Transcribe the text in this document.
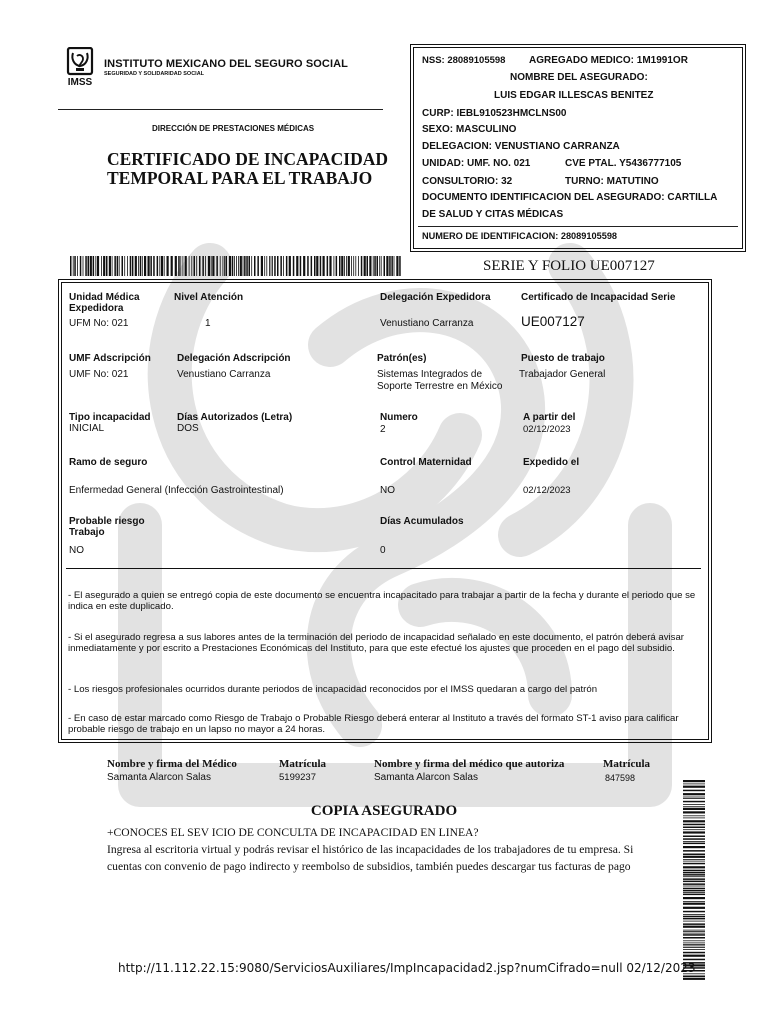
IMSS
INSTITUTO MEXICANO DEL SEGURO SOCIAL
SEGURIDAD Y SOLIDARIDAD SOCIAL
DIRECCIÓN DE PRESTACIONES MÉDICAS
CERTIFICADO DE INCAPACIDAD
TEMPORAL PARA EL TRABAJO
NSS: 28089105598 AGREGADO MEDICO: 1M1991OR
NOMBRE DEL ASEGURADO:
LUIS EDGAR ILLESCAS BENITEZ
CURP: IEBL910523HMCLNS00
SEXO: MASCULINO
DELEGACION: VENUSTIANO CARRANZA
UNIDAD: UMF. NO. 021	CVE PTAL. Y5436777105
CONSULTORIO: 32	TURNO: MATUTINO
DOCUMENTO IDENTIFICACION DEL ASEGURADO: CARTILLA
DE SALUD Y CITAS MÉDICAS
NUMERO DE IDENTIFICACION: 28089105598
SERIE Y FOLIO UE007127
Unidad Médica
Expedidora
UFM No: 021
Nivel Atención
1
Delegación Expedidora
Venustiano Carranza
Certificado de Incapacidad Serie
UE007127
UMF Adscripción
UMF No: 021
Delegación Adscripción
Venustiano Carranza
Patrón(es)
Sistemas Integrados de
Soporte Terrestre en México
Puesto de trabajo
Trabajador General
Tipo incapacidad
INICIAL
Días Autorizados (Letra)
DOS
Numero
2
A partir del
02/12/2023
Ramo de seguro
Enfermedad General (Infección Gastrointestinal)
Control Maternidad
NO
Expedido el
02/12/2023
Probable riesgo
Trabajo
NO
Días Acumulados
0
- El asegurado a quien se entregó copia de este documento se encuentra incapacitado para trabajar a partir de la fecha y durante el periodo que se indica en este duplicado.
- Si el asegurado regresa a sus labores antes de la terminación del periodo de incapacidad señalado en este documento, el patrón deberá avisar inmediatamente y por escrito a Prestaciones Económicas del Instituto, para que este efectué los ajustes que proceden en el pago del subsidio.
- Los riesgos profesionales ocurridos durante periodos de incapacidad reconocidos por el IMSS quedaran a cargo del patrón
- En caso de estar marcado como Riesgo de Trabajo o Probable Riesgo deberá enterar al Instituto a través del formato ST-1 aviso para calificar probable riesgo de trabajo en un lapso no mayor a 24 horas.
Nombre y firma del Médico
Samanta Alarcon Salas
Matrícula
5199237
Nombre y firma del médico que autoriza
Samanta Alarcon Salas
Matrícula
847598
COPIA ASEGURADO
+CONOCES EL SEV ICIO DE CONCULTA DE INCAPACIDAD EN LINEA?
Ingresa al escritoria virtual y podrás revisar el histórico de las incapacidades de los trabajadores de tu empresa. Si cuentas con convenio de pago indirecto y reembolso de subsidios, también puedes descargar tus facturas de pago
http://11.112.22.15:9080/ServiciosAuxiliares/ImpIncapacidad2.jsp?numCifrado=null 02/12/2023
